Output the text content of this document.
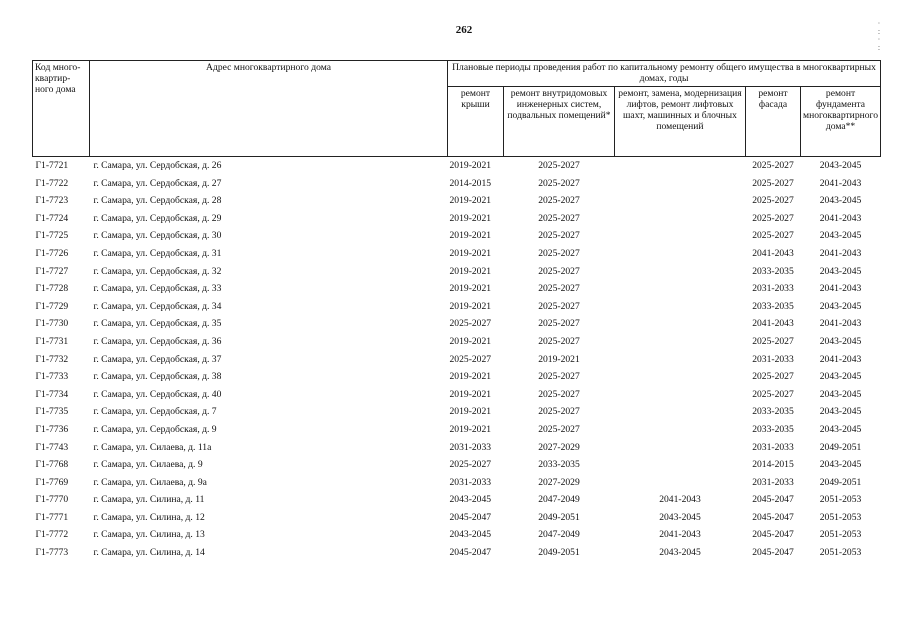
262
·
:
·
:
Код много-квартир-ного дома	Адрес многоквартирного дома	Плановые периоды проведения работ по капитальному ремонту общего имущества в многоквартирных домах, годы				
		ремонт крыши	ремонт внутридомовых инженерных систем, подвальных помещений*	ремонт, замена, модернизация лифтов, ремонт лифтовых шахт, машинных и блочных помещений	ремонт фасада	ремонт фундамента многоквартирного дома**
Г1-7721	г. Самара, ул. Сердобская, д. 26	2019-2021	2025-2027		2025-2027	2043-2045
Г1-7722	г. Самара, ул. Сердобская, д. 27	2014-2015	2025-2027		2025-2027	2041-2043
Г1-7723	г. Самара, ул. Сердобская, д. 28	2019-2021	2025-2027		2025-2027	2043-2045
Г1-7724	г. Самара, ул. Сердобская, д. 29	2019-2021	2025-2027		2025-2027	2041-2043
Г1-7725	г. Самара, ул. Сердобская, д. 30	2019-2021	2025-2027		2025-2027	2043-2045
Г1-7726	г. Самара, ул. Сердобская, д. 31	2019-2021	2025-2027		2041-2043	2041-2043
Г1-7727	г. Самара, ул. Сердобская, д. 32	2019-2021	2025-2027		2033-2035	2043-2045
Г1-7728	г. Самара, ул. Сердобская, д. 33	2019-2021	2025-2027		2031-2033	2041-2043
Г1-7729	г. Самара, ул. Сердобская, д. 34	2019-2021	2025-2027		2033-2035	2043-2045
Г1-7730	г. Самара, ул. Сердобская, д. 35	2025-2027	2025-2027		2041-2043	2041-2043
Г1-7731	г. Самара, ул. Сердобская, д. 36	2019-2021	2025-2027		2025-2027	2043-2045
Г1-7732	г. Самара, ул. Сердобская, д. 37	2025-2027	2019-2021		2031-2033	2041-2043
Г1-7733	г. Самара, ул. Сердобская, д. 38	2019-2021	2025-2027		2025-2027	2043-2045
Г1-7734	г. Самара, ул. Сердобская, д. 40	2019-2021	2025-2027		2025-2027	2043-2045
Г1-7735	г. Самара, ул. Сердобская, д. 7	2019-2021	2025-2027		2033-2035	2043-2045
Г1-7736	г. Самара, ул. Сердобская, д. 9	2019-2021	2025-2027		2033-2035	2043-2045
Г1-7743	г. Самара, ул. Силаева, д. 11а	2031-2033	2027-2029		2031-2033	2049-2051
Г1-7768	г. Самара, ул. Силаева, д. 9	2025-2027	2033-2035		2014-2015	2043-2045
Г1-7769	г. Самара, ул. Силаева, д. 9а	2031-2033	2027-2029		2031-2033	2049-2051
Г1-7770	г. Самара, ул. Силина, д. 11	2043-2045	2047-2049	2041-2043	2045-2047	2051-2053
Г1-7771	г. Самара, ул. Силина, д. 12	2045-2047	2049-2051	2043-2045	2045-2047	2051-2053
Г1-7772	г. Самара, ул. Силина, д. 13	2043-2045	2047-2049	2041-2043	2045-2047	2051-2053
Г1-7773	г. Самара, ул. Силина, д. 14	2045-2047	2049-2051	2043-2045	2045-2047	2051-2053
